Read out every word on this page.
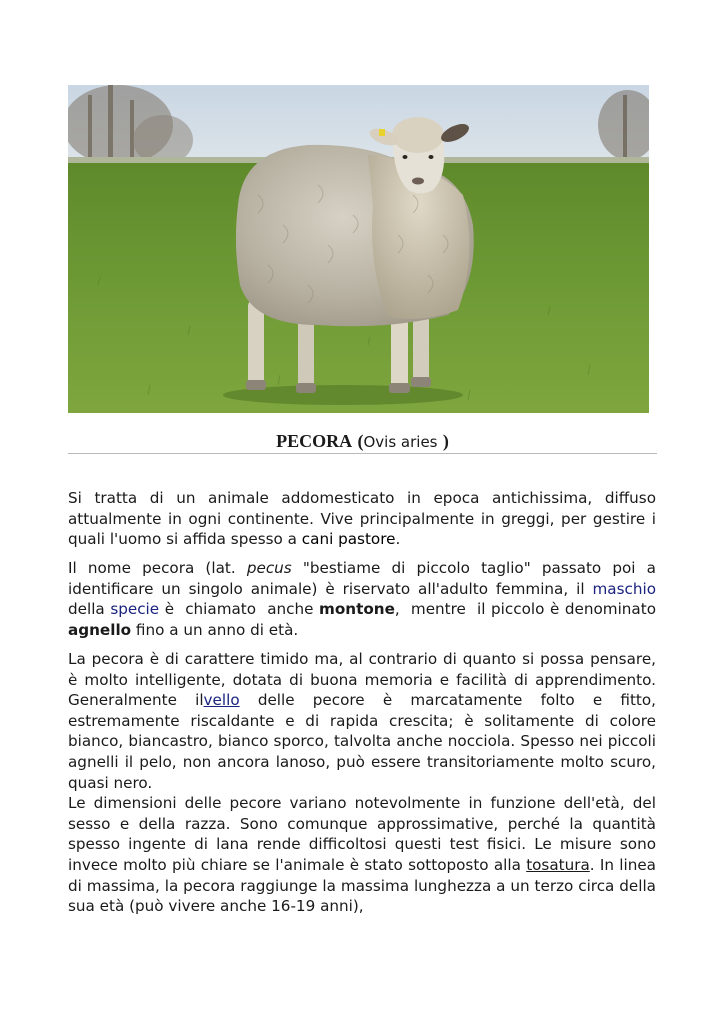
PECORA (Ovis aries )

Si tratta di un animale addomesticato in epoca antichissima, diffuso attualmente in ogni continente. Vive principalmente in greggi, per gestire i quali l'uomo si affida spesso a cani pastore.

Il nome pecora (lat. pecus "bestiame di piccolo taglio" passato poi a identificare un singolo animale) è riservato all'adulto femmina, il maschio della specie è  chiamato  anche montone,  mentre  il piccolo è denominato agnello fino a un anno di età.

La pecora è di carattere timido ma, al contrario di quanto si possa pensare, è molto intelligente, dotata di buona memoria e facilità di apprendimento. Generalmente ilvello delle pecore è marcatamente folto e fitto, estremamente riscaldante e di rapida crescita; è solitamente di colore bianco, biancastro, bianco sporco, talvolta anche nocciola. Spesso nei piccoli agnelli il pelo, non ancora lanoso, può essere transitoriamente molto scuro, quasi nero.

Le dimensioni delle pecore variano notevolmente in funzione dell'età, del sesso e della razza. Sono comunque approssimative, perché la quantità spesso ingente di lana rende difficoltosi questi test fisici. Le misure sono invece molto più chiare se l'animale è stato sottoposto alla tosatura. In linea di massima, la pecora raggiunge la massima lunghezza a un terzo circa della sua età (può vivere anche 16-19 anni),
